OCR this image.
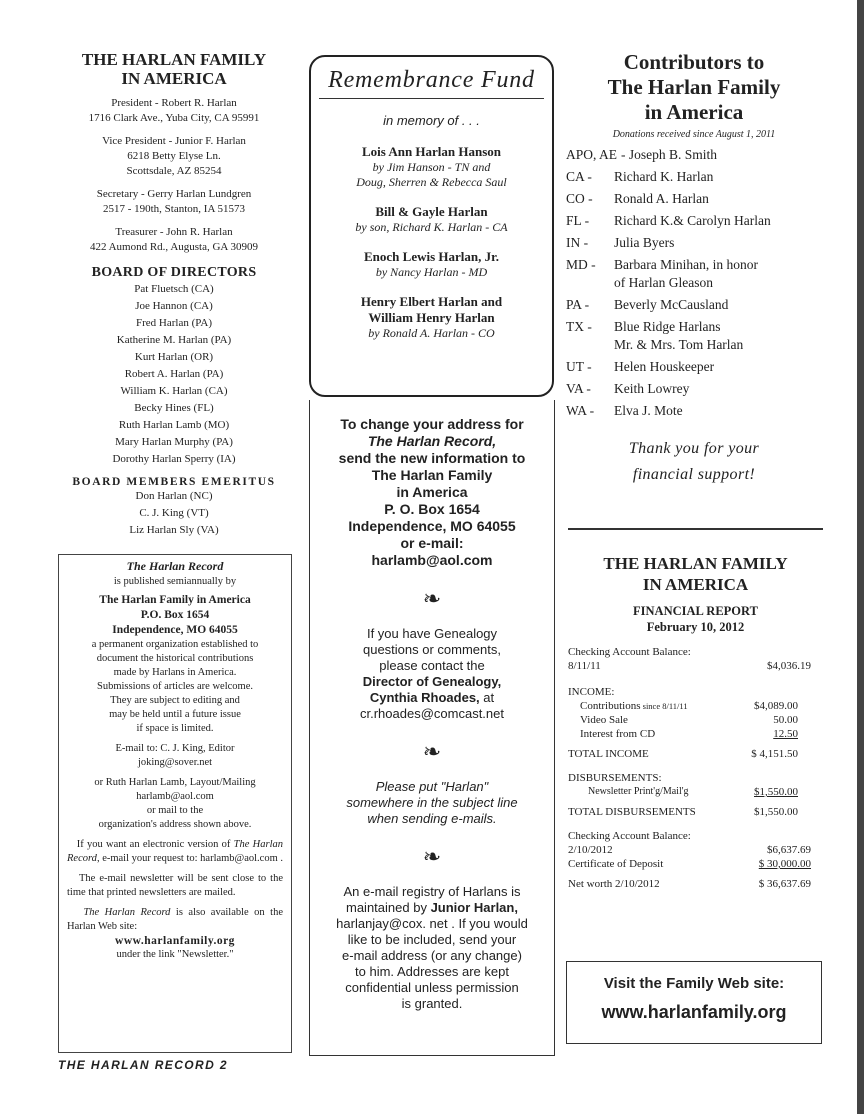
THE HARLAN FAMILY
IN AMERICA
President - Robert R. Harlan
1716 Clark Ave., Yuba City, CA 95991
Vice President - Junior F. Harlan
6218 Betty Elyse Ln.
Scottsdale, AZ 85254
Secretary - Gerry Harlan Lundgren
2517 - 190th, Stanton, IA 51573
Treasurer - John R. Harlan
422 Aumond Rd., Augusta, GA 30909
BOARD OF DIRECTORS
Pat Fluetsch (CA)
Joe Hannon (CA)
Fred Harlan (PA)
Katherine M. Harlan (PA)
Kurt Harlan (OR)
Robert A. Harlan (PA)
William K. Harlan (CA)
Becky Hines (FL)
Ruth Harlan Lamb (MO)
Mary Harlan Murphy (PA)
Dorothy Harlan Sperry (IA)
BOARD MEMBERS EMERITUS
Don Harlan (NC)
C. J. King (VT)
Liz Harlan Sly (VA)

The Harlan Record

is published semiannually by

The Harlan Family in America
P.O. Box 1654
Independence, MO 64055
a permanent organization established to
document the historical contributions
made by Harlans in America.
Submissions of articles are welcome.
They are subject to editing and
may be held until a future issue
if space is limited.
E-mail to: C. J. King, Editor
joking@sover.net
or Ruth Harlan Lamb, Layout/Mailing
harlamb@aol.com
or mail to the
organization's address shown above.

If you want an electronic version of The Harlan Record, e-mail your request to: harlamb@aol.com .

The e-mail newsletter will be sent close to the time that printed newsletters are mailed.

The Harlan Record is also available on the Harlan Web site:

www.harlanfamily.org
under the link "Newsletter."
THE HARLAN RECORD 2
Remembrance Fund
in memory of . . .
Lois Ann Harlan Hanson
by Jim Hanson - TN and
Doug, Sherren & Rebecca Saul
Bill & Gayle Harlan
by son, Richard K. Harlan - CA
Enoch Lewis Harlan, Jr.
by Nancy Harlan - MD
Henry Elbert Harlan and
William Henry Harlan
by Ronald A. Harlan - CO
To change your address for
The Harlan Record,
send the new information to
The Harlan Family
in America
P. O. Box 1654
Independence, MO 64055
or e-mail:
harlamb@aol.com
❧
If you have Genealogy
questions or comments,
please contact the
Director of Genealogy,
Cynthia Rhoades, at
cr.rhoades@comcast.net
❧
Please put "Harlan"
somewhere in the subject line
when sending e-mails.
❧
An e-mail registry of Harlans is
maintained by Junior Harlan,
harlanjay@cox. net . If you would
like to be included, send your
e-mail address (or any change)
to him. Addresses are kept
confidential unless permission
is granted.
Contributors to
The Harlan Family
in America
Donations received since August 1, 2011
APO, AE - Joseph B. Smith
CA -	Richard K. Harlan
CO -	Ronald A. Harlan
FL -	Richard K.& Carolyn Harlan
IN -	Julia Byers
MD -	Barbara Minihan, in honor
of Harlan Gleason
PA -	Beverly McCausland
TX -	Blue Ridge Harlans
Mr. & Mrs. Tom Harlan
UT -	Helen Houskeeper
VA -	Keith Lowrey
WA -	Elva J. Mote
Thank you for your
financial support!
THE HARLAN FAMILY
IN AMERICA
FINANCIAL REPORT
February 10, 2012
Checking Account Balance:
8/11/11	$4,036.19
INCOME:
Contributions since 8/11/11	$4,089.00
Video Sale	50.00
Interest from CD	12.50
TOTAL INCOME	$ 4,151.50
DISBURSEMENTS:
Newsletter Print'g/Mail'g	$1,550.00
TOTAL DISBURSEMENTS	$1,550.00
Checking Account Balance:
2/10/2012	$6,637.69
Certificate of Deposit	$ 30,000.00
Net worth 2/10/2012	$ 36,637.69
Visit the Family Web site:
www.harlanfamily.org
